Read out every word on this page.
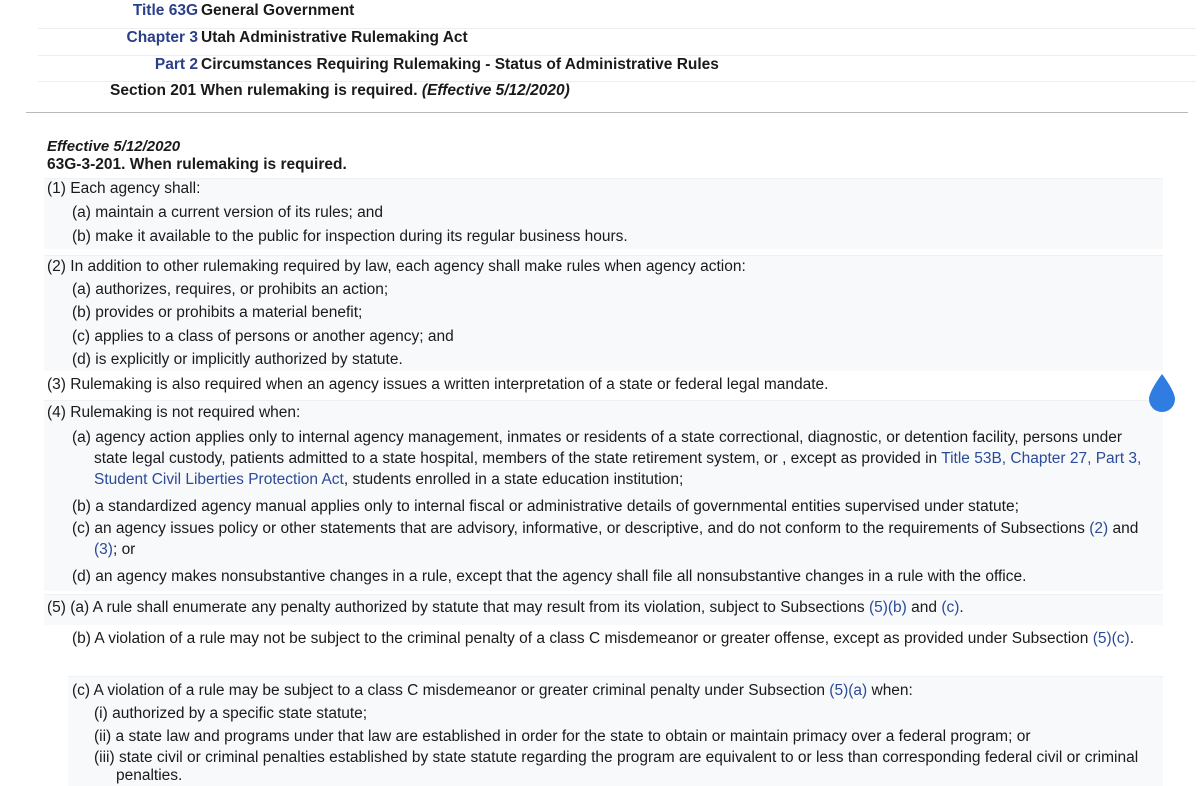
Title 63G General Government
Chapter 3 Utah Administrative Rulemaking Act
Part 2 Circumstances Requiring Rulemaking - Status of Administrative Rules
Section 201 When rulemaking is required. (Effective 5/12/2020)
Effective 5/12/2020
63G-3-201. When rulemaking is required.
(1) Each agency shall:
(a) maintain a current version of its rules; and
(b) make it available to the public for inspection during its regular business hours.
(2) In addition to other rulemaking required by law, each agency shall make rules when agency action:
(a) authorizes, requires, or prohibits an action;
(b) provides or prohibits a material benefit;
(c) applies to a class of persons or another agency; and
(d) is explicitly or implicitly authorized by statute.
(3) Rulemaking is also required when an agency issues a written interpretation of a state or federal legal mandate.
(4) Rulemaking is not required when:
(a) agency action applies only to internal agency management, inmates or residents of a state correctional, diagnostic, or detention facility, persons under state legal custody, patients admitted to a state hospital, members of the state retirement system, or , except as provided in Title 53B, Chapter 27, Part 3, Student Civil Liberties Protection Act, students enrolled in a state education institution;
(b) a standardized agency manual applies only to internal fiscal or administrative details of governmental entities supervised under statute;
(c) an agency issues policy or other statements that are advisory, informative, or descriptive, and do not conform to the requirements of Subsections (2) and (3); or
(d) an agency makes nonsubstantive changes in a rule, except that the agency shall file all nonsubstantive changes in a rule with the office.
(5) (a) A rule shall enumerate any penalty authorized by statute that may result from its violation, subject to Subsections (5)(b) and (c).
(b) A violation of a rule may not be subject to the criminal penalty of a class C misdemeanor or greater offense, except as provided under Subsection (5)(c).
(c) A violation of a rule may be subject to a class C misdemeanor or greater criminal penalty under Subsection (5)(a) when:
(i) authorized by a specific state statute;
(ii) a state law and programs under that law are established in order for the state to obtain or maintain primacy over a federal program; or
(iii) state civil or criminal penalties established by state statute regarding the program are equivalent to or less than corresponding federal civil or criminal penalties.
